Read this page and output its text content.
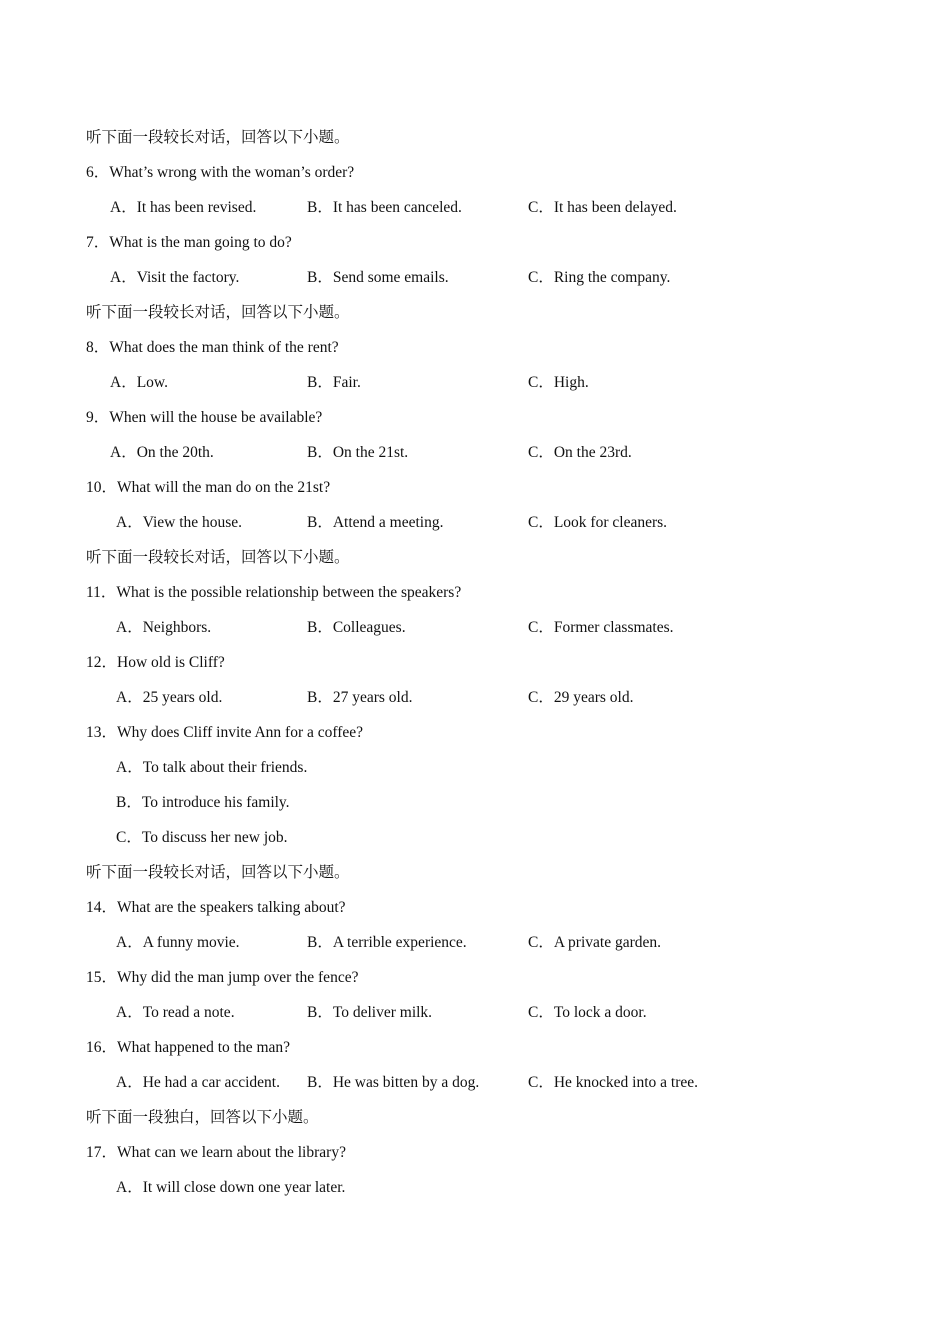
听下面一段较长对话，回答以下小题。
6．What’s wrong with the woman’s order?
A．It has been revised.	B．It has been canceled.	C．It has been delayed.
7．What is the man going to do?
A．Visit the factory.	B．Send some emails.	C．Ring the company.
听下面一段较长对话，回答以下小题。
8．What does the man think of the rent?
A．Low.	B．Fair.	C．High.
9．When will the house be available?
A．On the 20th.	B．On the 21st.	C．On the 23rd.
10．What will the man do on the 21st?
A．View the house.	B．Attend a meeting.	C．Look for cleaners.
听下面一段较长对话，回答以下小题。
11．What is the possible relationship between the speakers?
A．Neighbors.	B．Colleagues.	C．Former classmates.
12．How old is Cliff?
A．25 years old.	B．27 years old.	C．29 years old.
13．Why does Cliff invite Ann for a coffee?
A．To talk about their friends.
B．To introduce his family.
C．To discuss her new job.
听下面一段较长对话，回答以下小题。
14．What are the speakers talking about?
A．A funny movie.	B．A terrible experience.	C．A private garden.
15．Why did the man jump over the fence?
A．To read a note.	B．To deliver milk.	C．To lock a door.
16．What happened to the man?
A．He had a car accident. B．He was bitten by a dog.	C．He knocked into a tree.
听下面一段独白，回答以下小题。
17．What can we learn about the library?
A．It will close down one year later.
